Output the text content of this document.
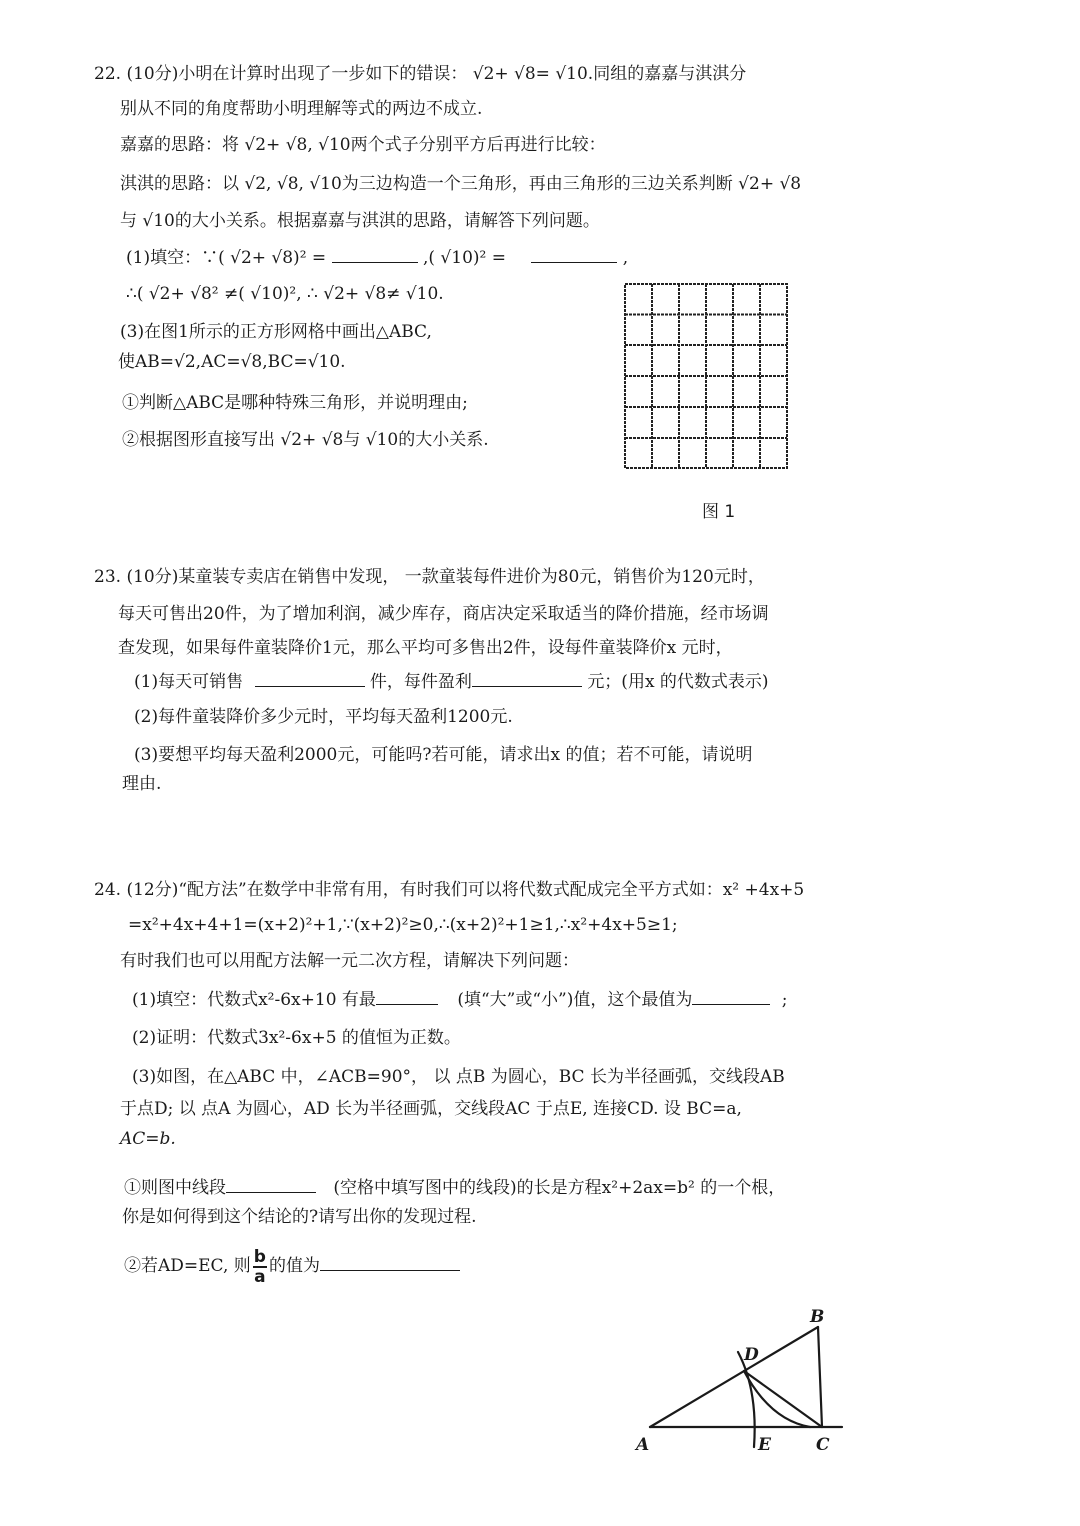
22. (10分)小明在计算时出现了一步如下的错误： √2+ √8= √10.同组的嘉嘉与淇淇分
别从不同的角度帮助小明理解等式的两边不成立.
嘉嘉的思路：将 √2+ √8, √10两个式子分别平方后再进行比较：
淇淇的思路：以 √2, √8, √10为三边构造一个三角形，再由三角形的三边关系判断 √2+ √8
与 √10的大小关系。根据嘉嘉与淇淇的思路，请解答下列问题。
(1)填空：∵( √2+ √8)² =	,( √10)² =	,
∴( √2+ √8² ≠( √10)², ∴ √2+ √8≠ √10.
(3)在图1所示的正方形网格中画出△ABC,
使AB=√2,AC=√8,BC=√10.
①判断△ABC是哪种特殊三角形，并说明理由;
②根据图形直接写出 √2+ √8与 √10的大小关系.
图 1
23. (10分)某童装专卖店在销售中发现， 一款童装每件进价为80元，销售价为120元时，
每天可售出20件，为了增加利润，减少库存，商店决定采取适当的降价措施，经市场调
查发现，如果每件童装降价1元，那么平均可多售出2件，设每件童装降价x 元时，
(1)每天可销售	件，每件盈利	元；(用x 的代数式表示)
(2)每件童装降价多少元时，平均每天盈利1200元.
(3)要想平均每天盈利2000元，可能吗?若可能，请求出x 的值；若不可能，请说明
理由.
24. (12分)“配方法”在数学中非常有用，有时我们可以将代数式配成完全平方式如：x² +4x+5
=x²+4x+4+1=(x+2)²+1,∵(x+2)²≥0,∴(x+2)²+1≥1,∴x²+4x+5≥1;
有时我们也可以用配方法解一元二次方程，请解决下列问题：
(1)填空：代数式x²-6x+10 有最	(填“大”或“小”)值，这个最值为	;
(2)证明：代数式3x²-6x+5 的值恒为正数。
(3)如图，在△ABC 中，∠ACB=90°， 以 点B 为圆心，BC 长为半径画弧，交线段AB
于点D; 以 点A 为圆心，AD 长为半径画弧，交线段AC 于点E, 连接CD. 设 BC=a,
AC=b.
①则图中线段	(空格中填写图中的线段)的长是方程x²+2ax=b² 的一个根，
你是如何得到这个结论的?请写出你的发现过程.
②若AD=EC, 则 $\frac{b}{a}$ 的值为
B
D
A	E	C
